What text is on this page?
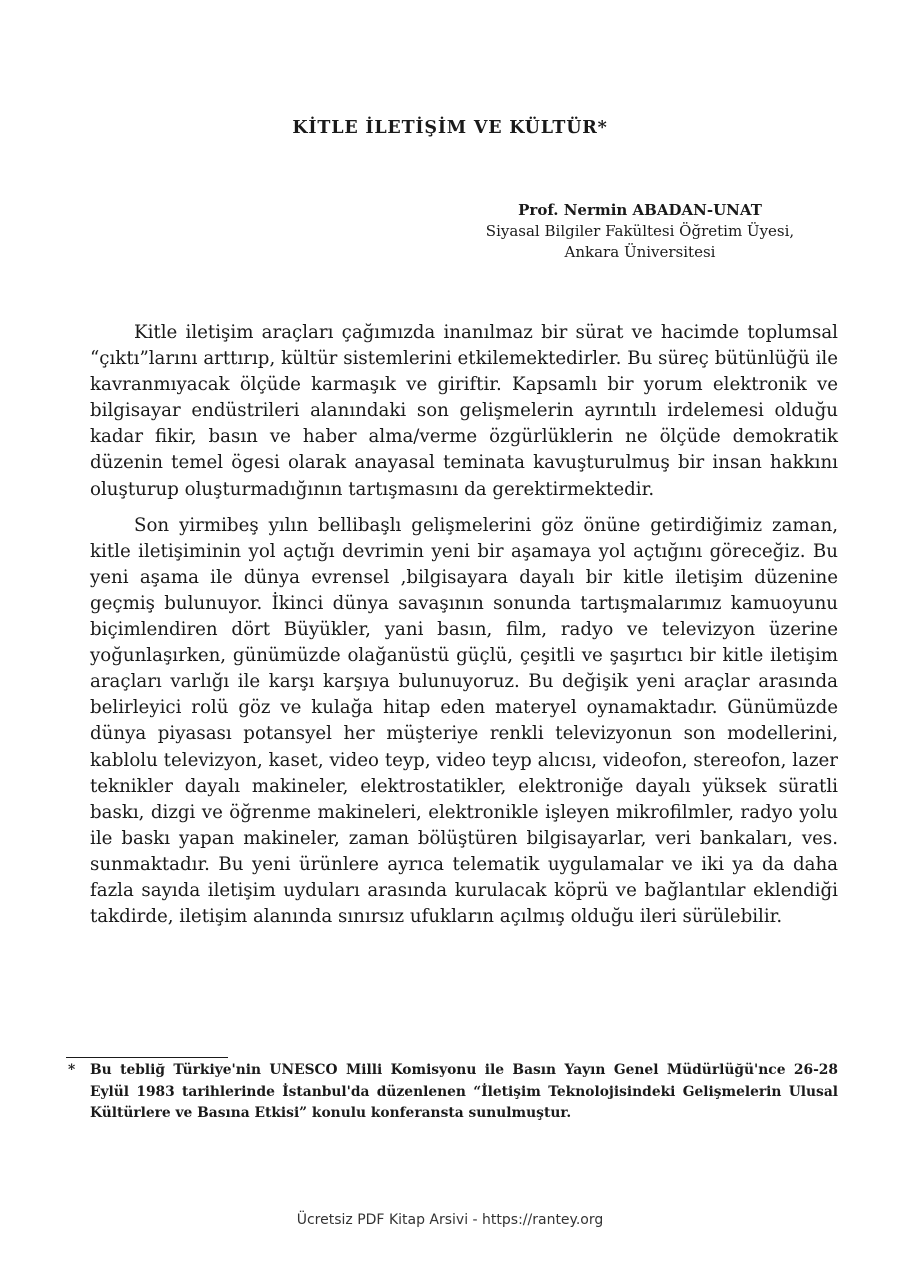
KİTLE İLETİŞİM VE KÜLTÜR*
Prof. Nermin ABADAN-UNAT
Siyasal Bilgiler Fakültesi Öğretim Üyesi,
Ankara Üniversitesi

Kitle iletişim araçları çağımızda inanılmaz bir sürat ve hacimde toplumsal “çıktı”larını arttırıp, kültür sistemlerini etkilemektedirler. Bu süreç bütünlüğü ile kavranmıyacak ölçüde karmaşık ve giriftir. Kapsamlı bir yorum elektronik ve bilgisayar endüstrileri alanındaki son gelişmelerin ayrıntılı irdelemesi olduğu kadar fikir, basın ve haber alma/verme özgürlüklerin ne ölçüde demokratik düzenin temel ögesi olarak anayasal teminata kavuşturulmuş bir insan hakkını oluşturup oluşturmadığının tartışmasını da gerektirmektedir.

Son yirmibeş yılın bellibaşlı gelişmelerini göz önüne getirdiğimiz zaman, kitle iletişiminin yol açtığı devrimin yeni bir aşamaya yol açtığını göreceğiz. Bu yeni aşama ile dünya evrensel ,bilgisayara dayalı bir kitle iletişim düzenine geçmiş bulunuyor. İkinci dünya savaşının sonunda tartışmalarımız kamuoyunu biçimlendiren dört Büyükler, yani basın, film, radyo ve televizyon üzerine yoğunlaşırken, günümüzde olağanüstü güçlü, çeşitli ve şaşırtıcı bir kitle iletişim araçları varlığı ile karşı karşıya bulunuyoruz. Bu değişik yeni araçlar arasında belirleyici rolü göz ve kulağa hitap eden materyel oynamaktadır. Günümüzde dünya piyasası potansyel her müşteriye renkli televizyonun son modellerini, kablolu televizyon, kaset, video teyp, video teyp alıcısı, videofon, stereofon, lazer teknikler dayalı makineler, elektrostatikler, elektroniğe dayalı yüksek süratli baskı, dizgi ve öğrenme makineleri, elektronikle işleyen mikrofilmler, radyo yolu ile baskı yapan makineler, zaman bölüştüren bilgisayarlar, veri bankaları, ves. sunmaktadır. Bu yeni ürünlere ayrıca telematik uygulamalar ve iki ya da daha fazla sayıda iletişim uyduları arasında kurulacak köprü ve bağlantılar eklendiği takdirde, iletişim alanında sınırsız ufukların açılmış olduğu ileri sürülebilir.

* Bu tebliğ Türkiye'nin UNESCO Milli Komisyonu ile Basın Yayın Genel Müdürlüğü'nce 26-28 Eylül 1983 tarihlerinde İstanbul'da düzenlenen “İletişim Teknolojisindeki Gelişmelerin Ulusal Kültürlere ve Basına Etkisi” konulu konferansta sunulmuştur.
Ücretsiz PDF Kitap Arsivi - https://rantey.org
